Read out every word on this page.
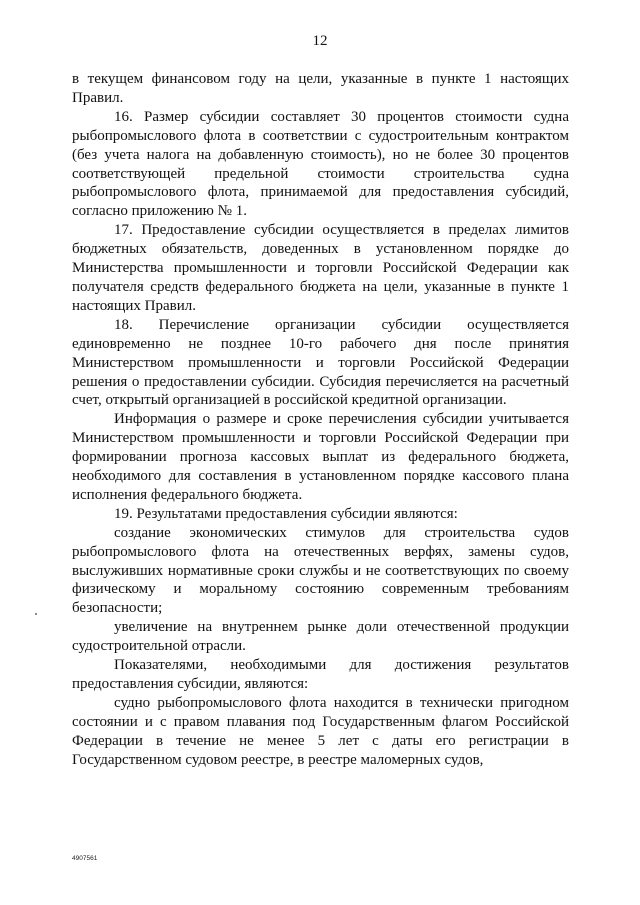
12

в текущем финансовом году на цели, указанные в пункте 1 настоящих Правил.

16. Размер субсидии составляет 30 процентов стоимости судна рыбопромыслового флота в соответствии с судостроительным контрактом (без учета налога на добавленную стоимость), но не более 30 процентов соответствующей предельной стоимости строительства судна рыбопромыслового флота, принимаемой для предоставления субсидий, согласно приложению № 1.

17. Предоставление субсидии осуществляется в пределах лимитов бюджетных обязательств, доведенных в установленном порядке до Министерства промышленности и торговли Российской Федерации как получателя средств федерального бюджета на цели, указанные в пункте 1 настоящих Правил.

18. Перечисление организации субсидии осуществляется единовременно не позднее 10-го рабочего дня после принятия Министерством промышленности и торговли Российской Федерации решения о предоставлении субсидии. Субсидия перечисляется на расчетный счет, открытый организацией в российской кредитной организации.

Информация о размере и сроке перечисления субсидии учитывается Министерством промышленности и торговли Российской Федерации при формировании прогноза кассовых выплат из федерального бюджета, необходимого для составления в установленном порядке кассового плана исполнения федерального бюджета.

19. Результатами предоставления субсидии являются:

создание экономических стимулов для строительства судов рыбопромыслового флота на отечественных верфях, замены судов, выслуживших нормативные сроки службы и не соответствующих по своему физическому и моральному состоянию современным требованиям безопасности;

увеличение на внутреннем рынке доли отечественной продукции судостроительной отрасли.

Показателями, необходимыми для достижения результатов предоставления субсидии, являются:

судно рыбопромыслового флота находится в технически пригодном состоянии и с правом плавания под Государственным флагом Российской Федерации в течение не менее 5 лет с даты его регистрации в Государственном судовом реестре, в реестре маломерных судов,

4907561
